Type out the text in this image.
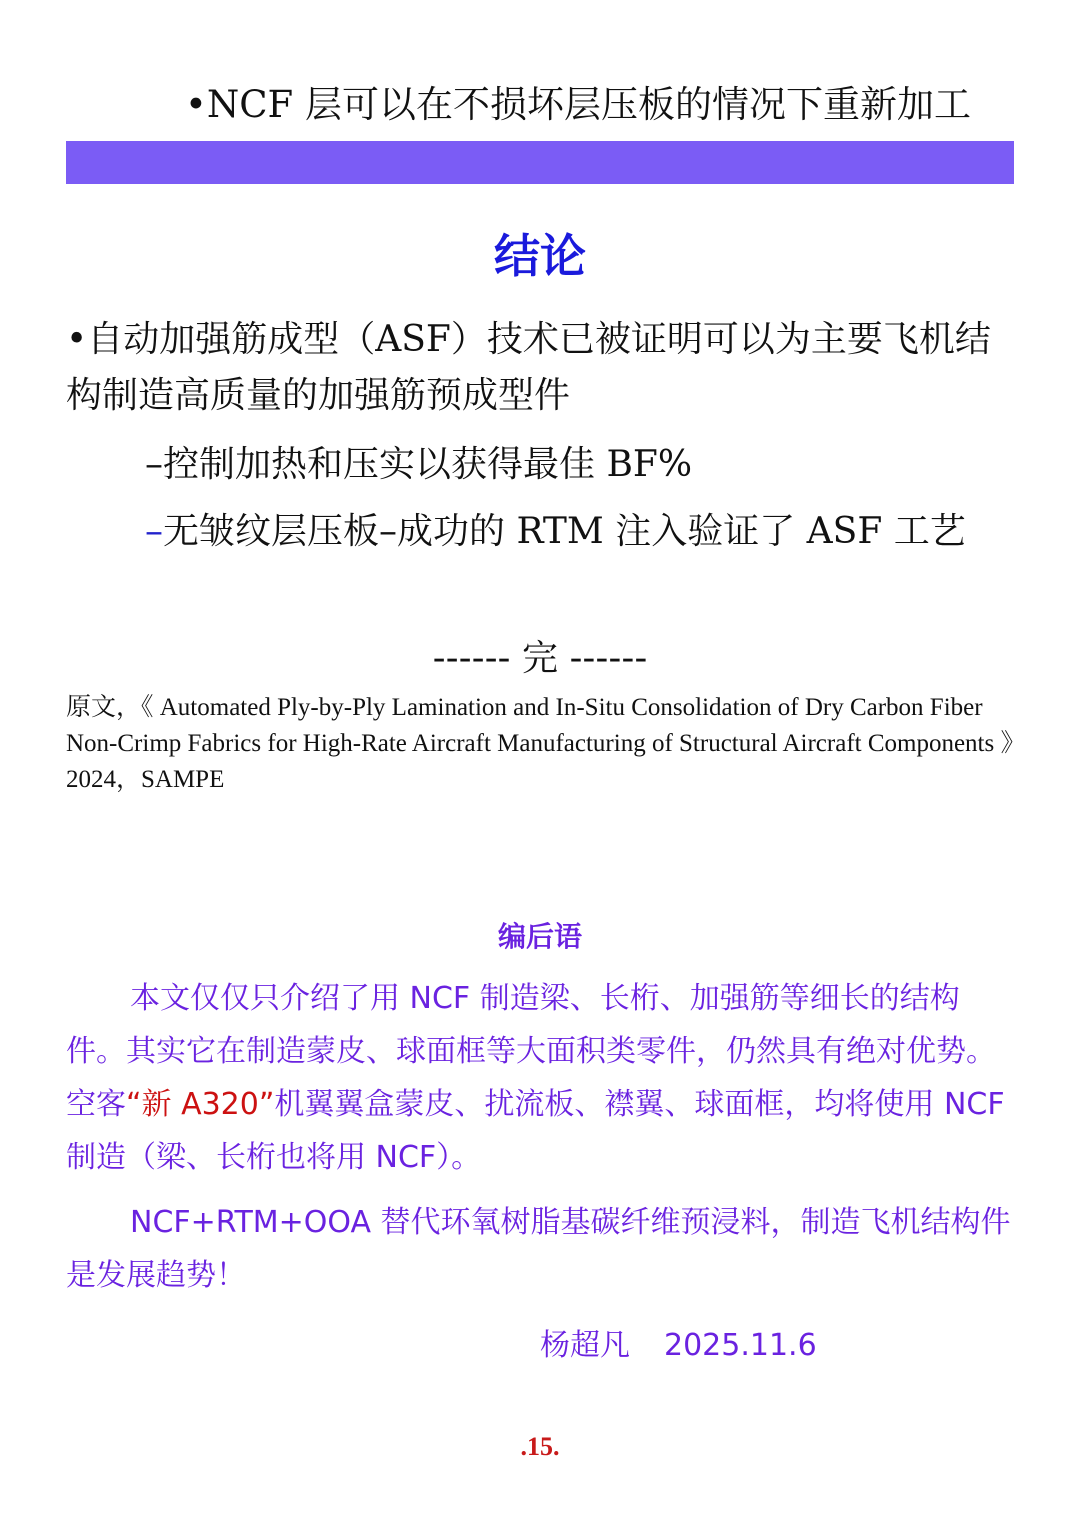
•NCF 层可以在不损坏层压板的情况下重新加工
结论
•自动加强筋成型（ASF）技术已被证明可以为主要飞机结构制造高质量的加强筋预成型件
–控制加热和压实以获得最佳 BF%
–无皱纹层压板–成功的 RTM 注入验证了 ASF 工艺
------ 完 ------
原文，《 Automated Ply-by-Ply Lamination and In-Situ Consolidation of Dry Carbon Fiber Non-Crimp Fabrics for High-Rate Aircraft Manufacturing of Structural Aircraft Components 》2024，SAMPE
编后语
本文仅仅只介绍了用 NCF 制造梁、长桁、加强筋等细长的结构件。其实它在制造蒙皮、球面框等大面积类零件，仍然具有绝对优势。空客“新 A320”机翼翼盒蒙皮、扰流板、襟翼、球面框，均将使用 NCF 制造（梁、长桁也将用 NCF）。
NCF+RTM+OOA 替代环氧树脂基碳纤维预浸料，制造飞机结构件是发展趋势！
杨超凡 2025.11.6
.15.
